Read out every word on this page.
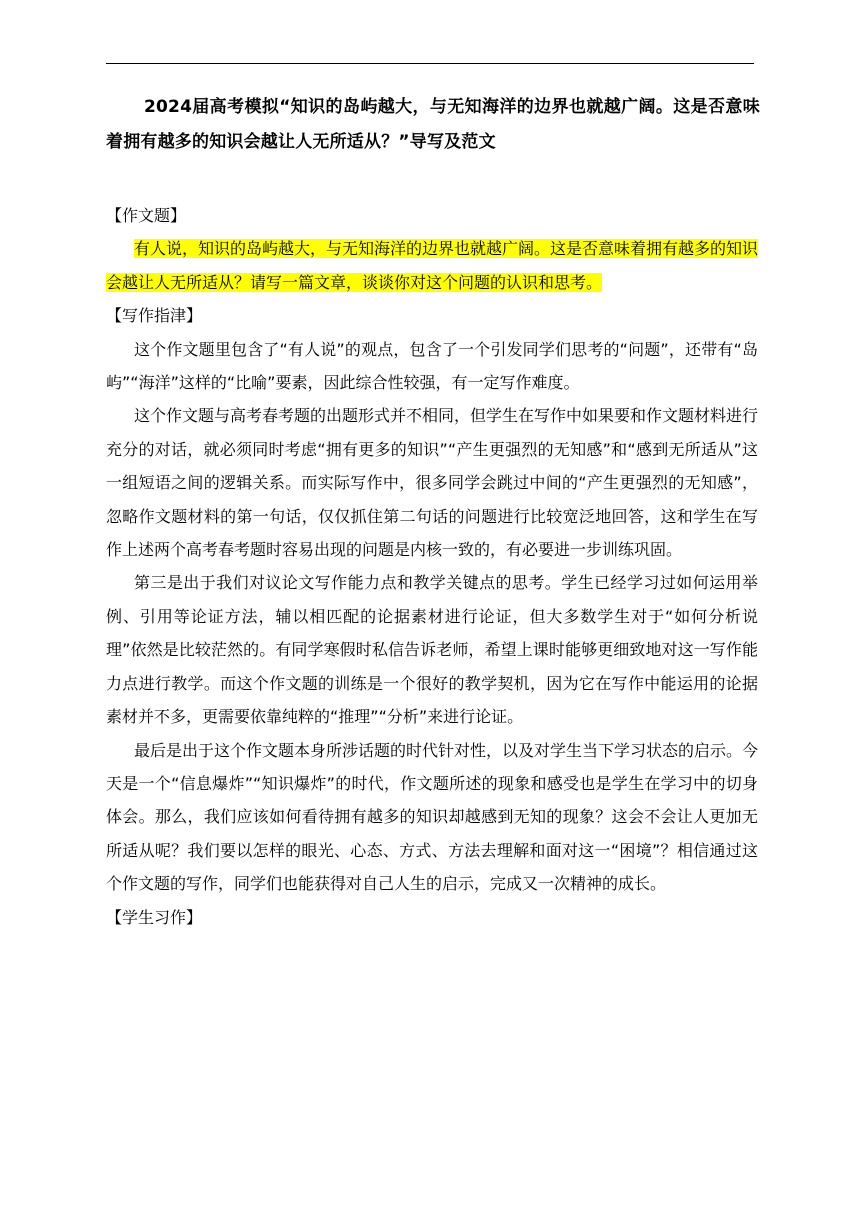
2024届高考模拟“知识的岛屿越大，与无知海洋的边界也就越广阔。这是否意味着拥有越多的知识会越让人无所适从？”导写及范文

【作文题】

有人说，知识的岛屿越大，与无知海洋的边界也就越广阔。这是否意味着拥有越多的知识会越让人无所适从？请写一篇文章，谈谈你对这个问题的认识和思考。

【写作指津】

这个作文题里包含了“有人说”的观点，包含了一个引发同学们思考的“问题”，还带有“岛屿”“海洋”这样的“比喻”要素，因此综合性较强，有一定写作难度。

这个作文题与高考春考题的出题形式并不相同，但学生在写作中如果要和作文题材料进行充分的对话，就必须同时考虑“拥有更多的知识”“产生更强烈的无知感”和“感到无所适从”这一组短语之间的逻辑关系。而实际写作中，很多同学会跳过中间的“产生更强烈的无知感”，忽略作文题材料的第一句话，仅仅抓住第二句话的问题进行比较宽泛地回答，这和学生在写作上述两个高考春考题时容易出现的问题是内核一致的，有必要进一步训练巩固。

第三是出于我们对议论文写作能力点和教学关键点的思考。学生已经学习过如何运用举例、引用等论证方法，辅以相匹配的论据素材进行论证，但大多数学生对于“如何分析说理”依然是比较茫然的。有同学寒假时私信告诉老师，希望上课时能够更细致地对这一写作能力点进行教学。而这个作文题的训练是一个很好的教学契机，因为它在写作中能运用的论据素材并不多，更需要依靠纯粹的“推理”“分析”来进行论证。

最后是出于这个作文题本身所涉话题的时代针对性，以及对学生当下学习状态的启示。今天是一个“信息爆炸”“知识爆炸”的时代，作文题所述的现象和感受也是学生在学习中的切身体会。那么，我们应该如何看待拥有越多的知识却越感到无知的现象？这会不会让人更加无所适从呢？我们要以怎样的眼光、心态、方式、方法去理解和面对这一“困境”？相信通过这个作文题的写作，同学们也能获得对自己人生的启示，完成又一次精神的成长。

【学生习作】
